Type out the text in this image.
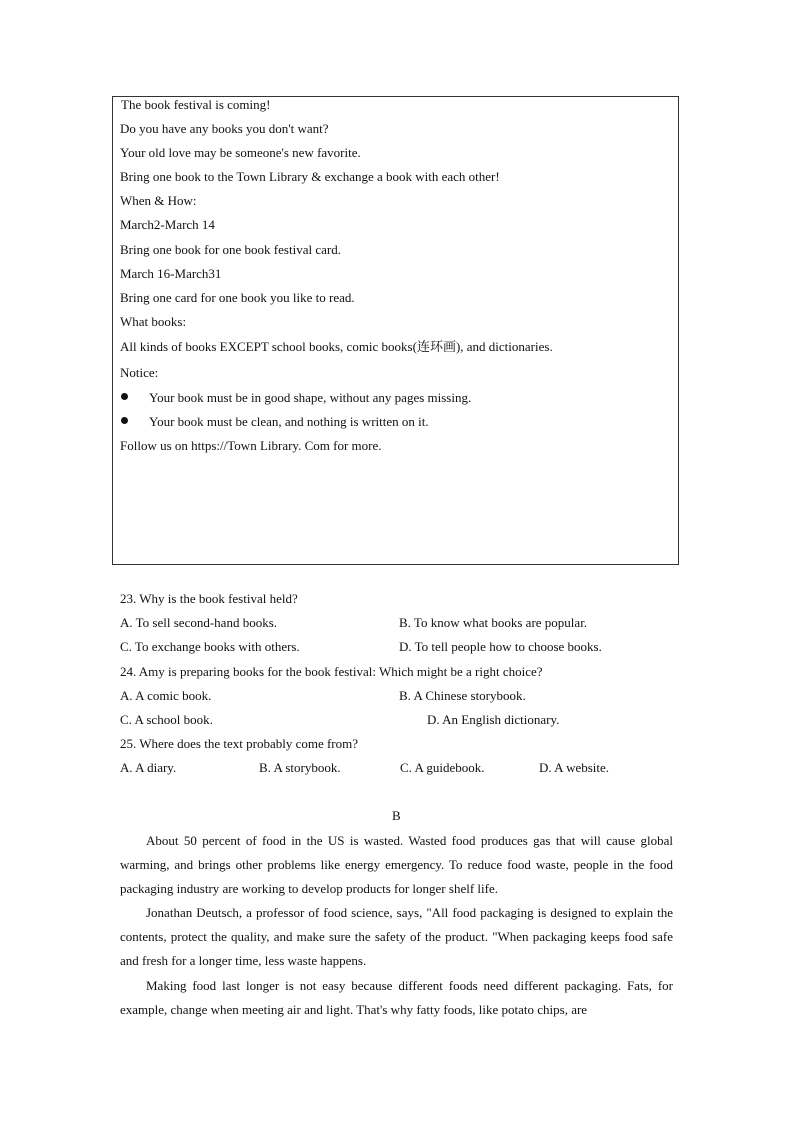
The book festival is coming!
Do you have any books you don't want?
Your old love may be someone's new favorite.
Bring one book to the Town Library & exchange a book with each other!
When & How:
March2-March 14
Bring one book for one book festival card.
March 16-March31
Bring one card for one book you like to read.
What books:
All kinds of books EXCEPT school books, comic books(连环画), and dictionaries.
Notice:
Your book must be in good shape, without any pages missing.
Your book must be clean, and nothing is written on it.
Follow us on https://Town Library. Com for more.
23. Why is the book festival held?
A. To sell second-hand books.	B. To know what books are popular.
C. To exchange books with others.	D. To tell people how to choose books.
24. Amy is preparing books for the book festival: Which might be a right choice?
A. A comic book.	B. A Chinese storybook.
C. A school book.	D. An English dictionary.
25. Where does the text probably come from?
A. A diary.	B. A storybook.	C. A guidebook.	D. A website.
B
About 50 percent of food in the US is wasted. Wasted food produces gas that will cause global warming, and brings other problems like energy emergency. To reduce food waste, people in the food packaging industry are working to develop products for longer shelf life.
Jonathan Deutsch, a professor of food science, says, "All food packaging is designed to explain the contents, protect the quality, and make sure the safety of the product. "When packaging keeps food safe and fresh for a longer time, less waste happens.
Making food last longer is not easy because different foods need different packaging. Fats, for example, change when meeting air and light. That's why fatty foods, like potato chips, are
